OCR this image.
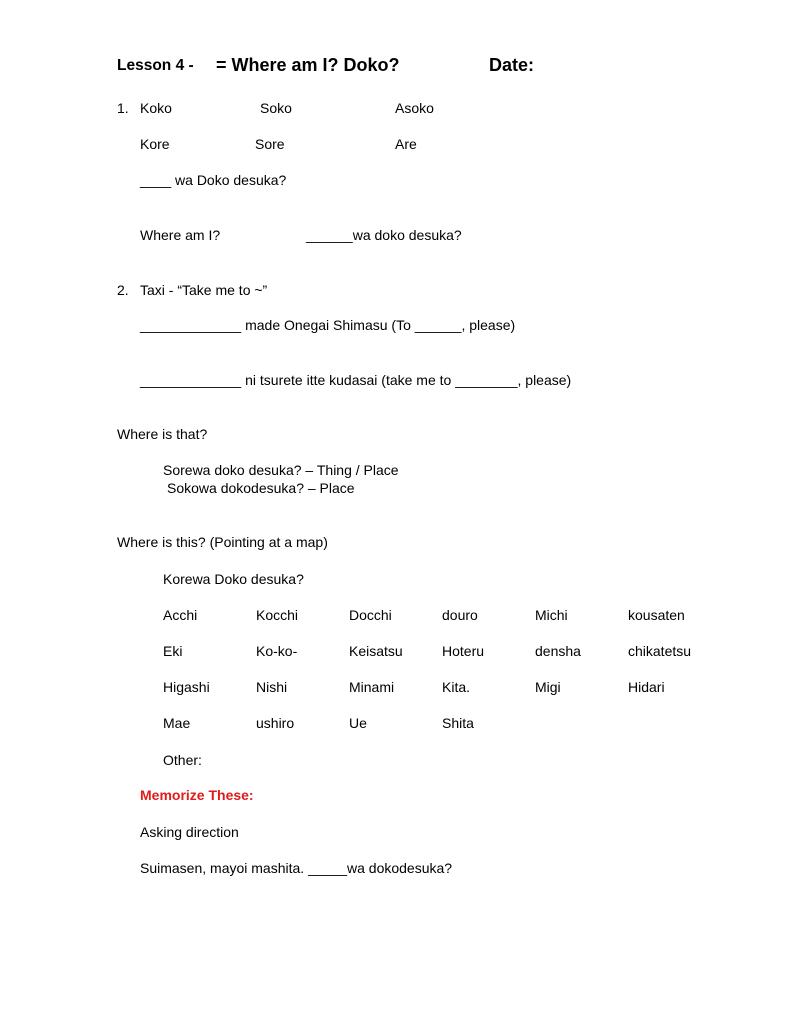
Lesson 4 - = Where am I? Doko?	Date:
1. Koko	Soko	Asoko
Kore	Sore	Are
____ wa Doko desuka?
Where am I?	______wa doko desuka?
2. Taxi - “Take me to ~”
_____________ made Onegai Shimasu (To ______, please)
_____________ ni tsurete itte kudasai (take me to ________, please)
Where is that?
Sorewa doko desuka? – Thing / Place
Sokowa dokodesuka? – Place
Where is this? (Pointing at a map)
Korewa Doko desuka?
Acchi	Kocchi	Docchi	douro	Michi	kousaten
Eki	Ko-ko-	Keisatsu	Hoteru	densha	chikatetsu
Higashi	Nishi	Minami	Kita.	Migi	Hidari
Mae	ushiro	Ue	Shita
Other:
Memorize These:
Asking direction
Suimasen, mayoi mashita. _____wa dokodesuka?
